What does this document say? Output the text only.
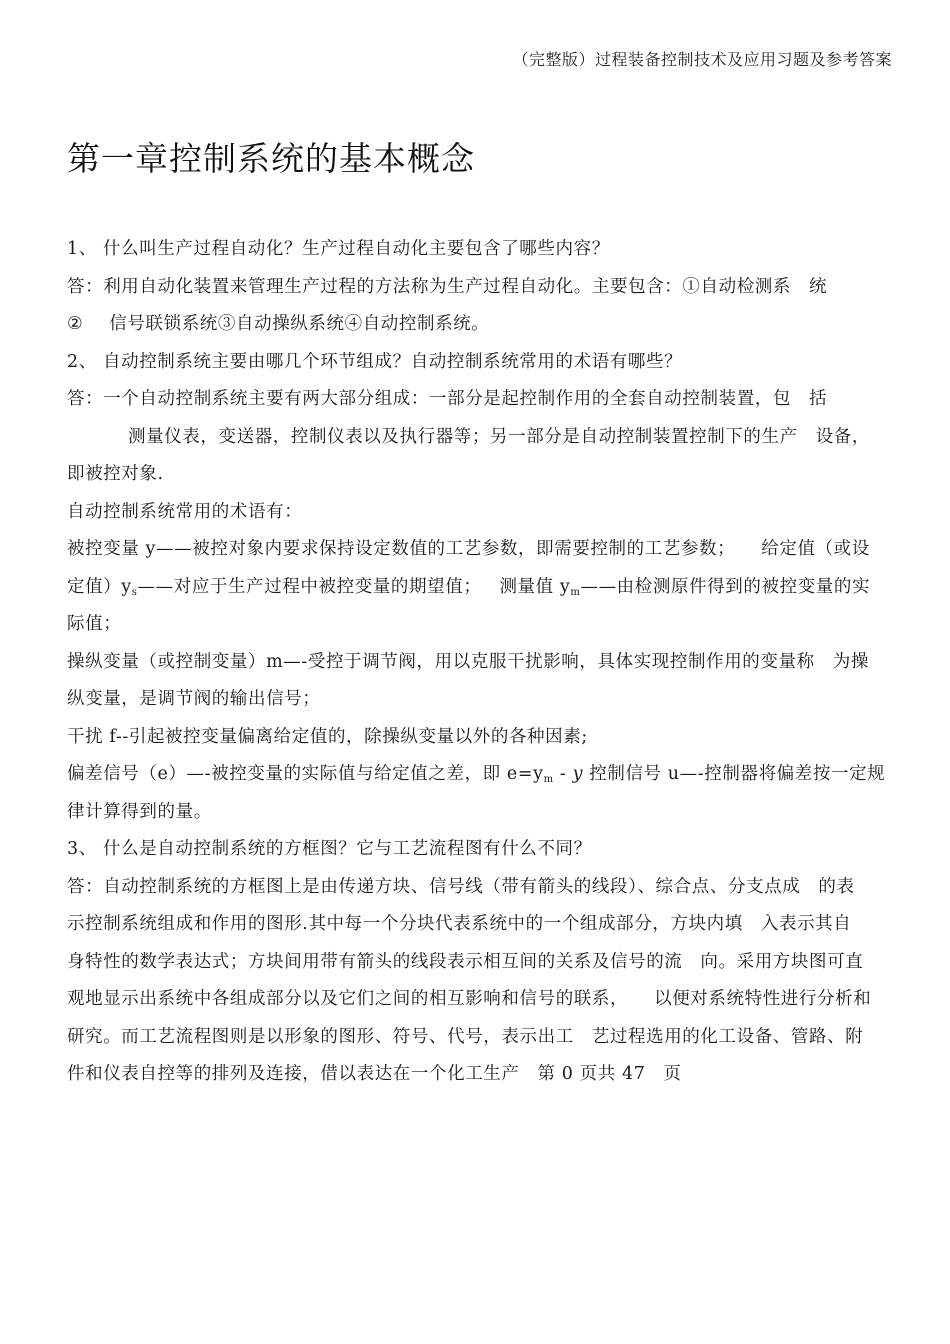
（完整版）过程装备控制技术及应用习题及参考答案
第一章控制系统的基本概念
1、 什么叫生产过程自动化？生产过程自动化主要包含了哪些内容？
答：利用自动化装置来管理生产过程的方法称为生产过程自动化。主要包含：①自动检测系 统
② 信号联锁系统③自动操纵系统④自动控制系统。
2、 自动控制系统主要由哪几个环节组成？自动控制系统常用的术语有哪些？
答：一个自动控制系统主要有两大部分组成：一部分是起控制作用的全套自动控制装置，包 括
测量仪表，变送器，控制仪表以及执行器等；另一部分是自动控制装置控制下的生产 设备，
即被控对象.
自动控制系统常用的术语有：
被控变量 y——被控对象内要求保持设定数值的工艺参数，即需要控制的工艺参数； 给定值（或设
定值）$y_s——$对应于生产过程中被控变量的期望值； 测量值 $y_m——$由检测原件得到的被控变量的实
际值；
操纵变量（或控制变量）m—-受控于调节阀，用以克服干扰影响，具体实现控制作用的变量称 为操
纵变量，是调节阀的输出信号；
干扰 f--引起被控变量偏离给定值的，除操纵变量以外的各种因素;
偏差信号（e）—-被控变量的实际值与给定值之差，即 $e=y_m - y$ 控制信号 u—-控制器将偏差按一定规
律计算得到的量。
3、 什么是自动控制系统的方框图？它与工艺流程图有什么不同？
答：自动控制系统的方框图上是由传递方块、信号线（带有箭头的线段）、综合点、分支点成 的表
示控制系统组成和作用的图形.其中每一个分块代表系统中的一个组成部分，方块内填 入表示其自
身特性的数学表达式；方块间用带有箭头的线段表示相互间的关系及信号的流 向。采用方块图可直
观地显示出系统中各组成部分以及它们之间的相互影响和信号的联系， 以便对系统特性进行分析和
研究。而工艺流程图则是以形象的图形、符号、代号，表示出工 艺过程选用的化工设备、管路、附
件和仪表自控等的排列及连接，借以表达在一个化工生产 第 0 页共 47 页
